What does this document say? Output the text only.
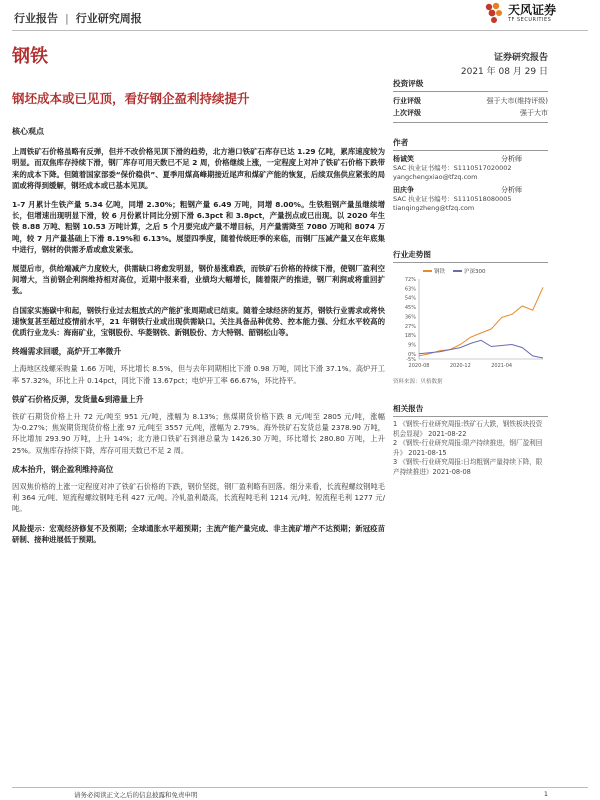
行业报告 | 行业研究周报
天风证券
TF SECURITIES
钢铁	证券研究报告
2021 年 08 月 29 日
钢坯成本或已见顶，看好钢企盈利持续提升
核心观点

上周铁矿石价格虽略有反弹，但并不改价格见顶下滑的趋势，北方港口铁矿石库存已达 1.29 亿吨，累库速度较为明显。而双焦库存持续下滑，钢厂库存可用天数已不足 2 周，价格继续上涨，一定程度上对冲了铁矿石价格下跌带来的成本下降。但随着国家部委“保价稳供”、夏季用煤高峰期接近尾声和煤矿产能的恢复，后续双焦供应紧张的局面或将得到缓解，钢坯成本或已基本见顶。

1-7 月累计生铁产量 5.34 亿吨，同增 2.30%；粗钢产量 6.49 万吨，同增 8.00%。生铁粗钢产量虽继续增长，但增速出现明显下滑，较 6 月份累计同比分别下滑 6.3pct 和 3.8pct，产量拐点或已出现。以 2020 年生铁 8.88 万吨、粗钢 10.53 万吨计算，之后 5 个月要完成产量不增目标，月产量需降至 7080 万吨和 8074 万吨，较 7 月产量基础上下滑 8.19%和 6.13%。展望四季度，随着传统旺季的来临，而钢厂压减产量又在年底集中进行，钢材的供需矛盾或愈发紧张。

展望后市，供给端减产力度较大，供需缺口将愈发明显，钢价易涨难跌，而铁矿石价格的持续下滑，使钢厂盈利空间增大，当前钢企利润维持相对高位，近期中报来看，业绩均大幅增长，随着限产的推进，钢厂利润或将重回扩张。

自国家实施碳中和起，钢铁行业过去粗放式的产能扩张周期或已结束。随着全球经济的复苏，钢铁行业需求或将快速恢复甚至超过疫情前水平，21 年钢铁行业或出现供需缺口。关注具备品种优势、控本能力强、分红水平较高的优质行业龙头：海南矿业，宝钢股份、华菱钢铁、新钢股份、方大特钢、韶钢松山等。

终端需求回暖，高炉开工率微升

上海地区线螺采购量 1.66 万吨，环比增长 8.5%，但与去年同期相比下滑 0.98 万吨，同比下滑 37.1%。高炉开工率 57.32%，环比上升 0.14pct，同比下滑 13.67pct；电炉开工率 66.67%，环比持平。

铁矿石价格反弹，发货量&到港量上升

铁矿石期货价格上升 72 元/吨至 951 元/吨，涨幅为 8.13%；焦煤期货价格下跌 8 元/吨至 2805 元/吨，涨幅为-0.27%；焦炭期货现货价格上涨 97 元/吨至 3557 元/吨，涨幅为 2.79%。海外铁矿石发货总量 2378.90 万吨，环比增加 293.90 万吨，上升 14%；北方港口铁矿石到港总量为 1426.30 万吨，环比增长 280.80 万吨，上升 25%。双焦库存持续下降，库存可用天数已不足 2 周。

成本抬升，钢企盈利维持高位

因双焦价格的上涨一定程度对冲了铁矿石价格的下跌，钢价坚挺，钢厂盈利略有回落。细分来看，长流程螺纹钢吨毛利 364 元/吨、短流程螺纹钢吨毛利 427 元/吨。冷轧盈利最高，长流程吨毛利 1214 元/吨、短流程毛利 1277 元/吨。

风险提示：宏观经济修复不及预期；全球通胀水平超预期；主流产能产量完成、非主流矿增产不达预期；新冠疫苗研制、接种进展低于预期。

投资评级
行业评级	强于大市(维持评级)
上次评级	强于大市
作者
杨诚笑	分析师
SAC 执业证书编号：S1110517020002
yangchengxiao@tfzq.com
田庆争	分析师
SAC 执业证书编号：S1110518080005
tianqingzheng@tfzq.com
行业走势图
钢铁	沪深300
72%
63%
54%
45%
36%
27%
18%
9%
0%
-5%
2020-08	2020-12	2021-04
资料来源：贝格数据
相关报告
1 《钢铁-行业研究周报:铁矿石大跌，钢铁板块投资机会显现》 2021-08-22
2 《钢铁-行业研究周报:限产持续推进，钢厂盈利回升》 2021-08-15
3 《钢铁-行业研究周报:日均粗钢产量持续下降，限产持续推进》2021-08-08
请务必阅读正文之后的信息披露和免责申明	1
